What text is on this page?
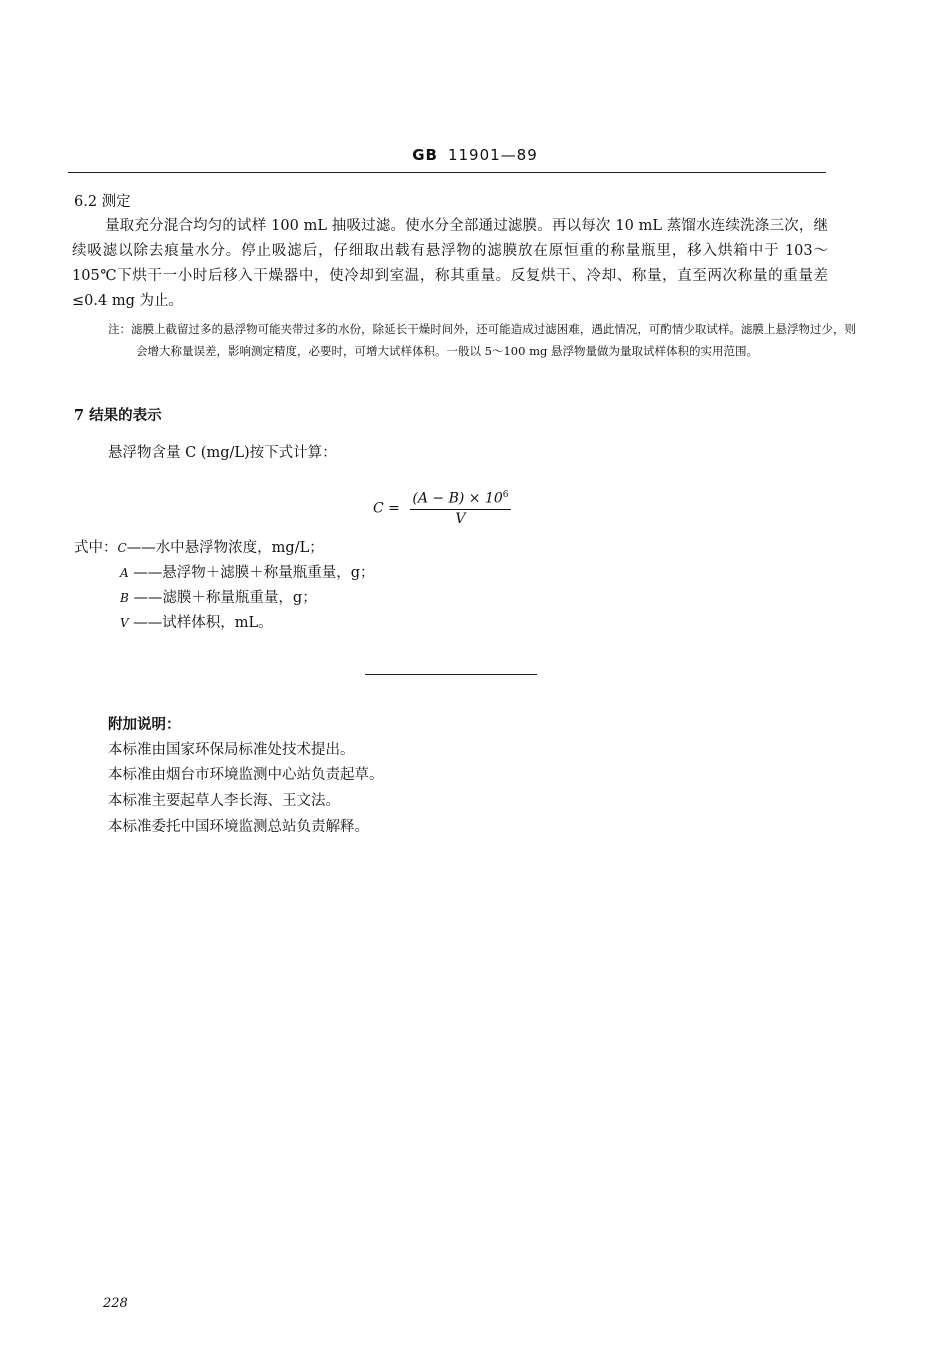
GB 11901—89
6.2 测定
量取充分混合均匀的试样 100 mL 抽吸过滤。使水分全部通过滤膜。再以每次 10 mL 蒸馏水连续洗涤三次，继续吸滤以除去痕量水分。停止吸滤后，仔细取出载有悬浮物的滤膜放在原恒重的称量瓶里，移入烘箱中于 103～105℃下烘干一小时后移入干燥器中，使冷却到室温，称其重量。反复烘干、冷却、称量，直至两次称量的重量差≤0.4 mg 为止。
注：滤膜上截留过多的悬浮物可能夹带过多的水份，除延长干燥时间外，还可能造成过滤困难，遇此情况，可酌情少取试样。滤膜上悬浮物过少，则会增大称量误差，影响测定精度，必要时，可增大试样体积。一般以 5～100 mg 悬浮物量做为量取试样体积的实用范围。
7 结果的表示
悬浮物含量 C (mg/L)按下式计算：
$C = \frac{(A - B) \times 10^6}{V}$
式中：C——水中悬浮物浓度，mg/L；
A ——悬浮物＋滤膜＋称量瓶重量，g；
B ——滤膜＋称量瓶重量，g；
V ——试样体积，mL。
附加说明：
本标准由国家环保局标准处技术提出。
本标准由烟台市环境监测中心站负责起草。
本标准主要起草人李长海、王文法。
本标准委托中国环境监测总站负责解释。
228
